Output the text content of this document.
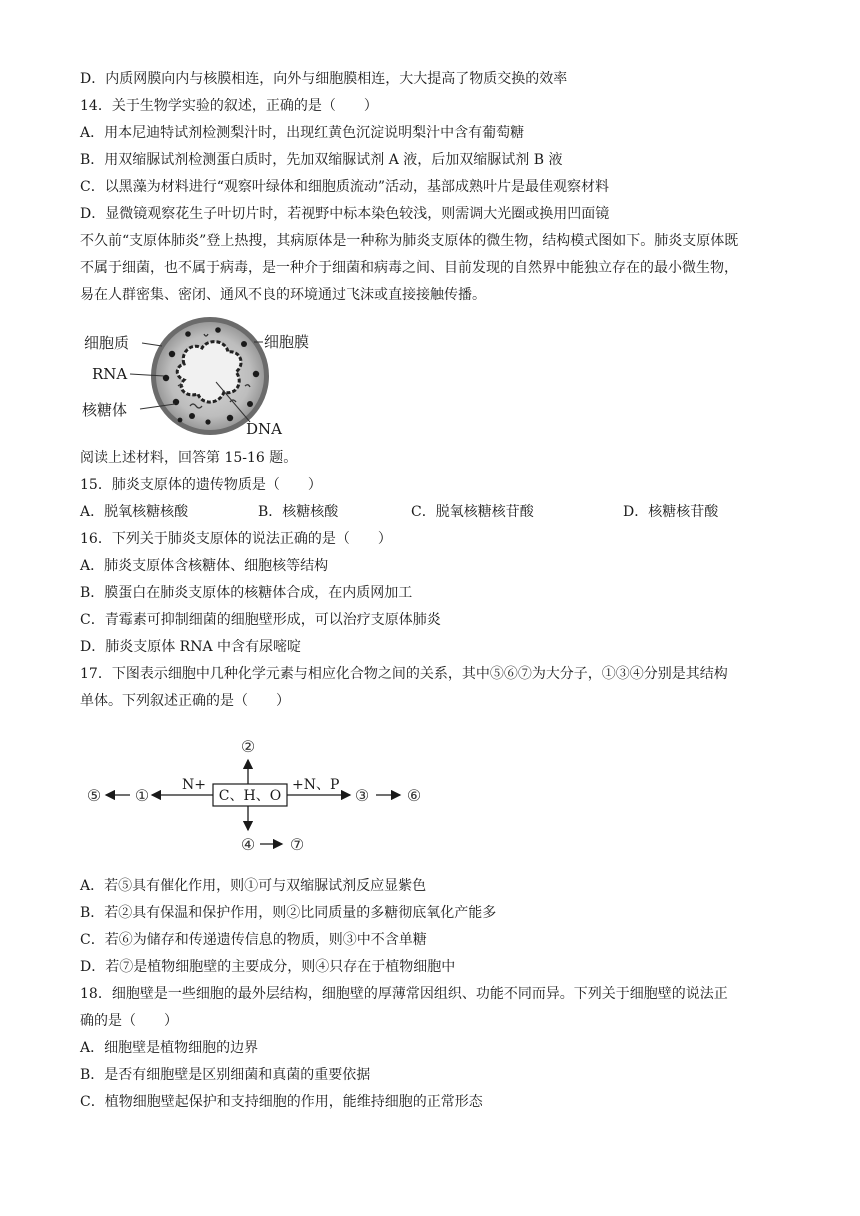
D．内质网膜向内与核膜相连，向外与细胞膜相连，大大提高了物质交换的效率
14．关于生物学实验的叙述，正确的是（　　）
A．用本尼迪特试剂检测梨汁时，出现红黄色沉淀说明梨汁中含有葡萄糖
B．用双缩脲试剂检测蛋白质时，先加双缩脲试剂 A 液，后加双缩脲试剂 B 液
C．以黑藻为材料进行“观察叶绿体和细胞质流动”活动，基部成熟叶片是最佳观察材料
D．显微镜观察花生子叶切片时，若视野中标本染色较浅，则需调大光圈或换用凹面镜
不久前“支原体肺炎”登上热搜，其病原体是一种称为肺炎支原体的微生物，结构模式图如下。肺炎支原体既
不属于细菌，也不属于病毒，是一种介于细菌和病毒之间、目前发现的自然界中能独立存在的最小微生物，
易在人群密集、密闭、通风不良的环境通过飞沫或直接接触传播。
细胞质	细胞膜
RNA
核糖体
DNA
阅读上述材料，回答第 15-16 题。
15．肺炎支原体的遗传物质是（　　）
A．脱氧核糖核酸	B．核糖核酸	C．脱氧核糖核苷酸	D．核糖核苷酸
16．下列关于肺炎支原体的说法正确的是（　　）
A．肺炎支原体含核糖体、细胞核等结构
B．膜蛋白在肺炎支原体的核糖体合成，在内质网加工
C．青霉素可抑制细菌的细胞壁形成，可以治疗支原体肺炎
D．肺炎支原体 RNA 中含有尿嘧啶
17．下图表示细胞中几种化学元素与相应化合物之间的关系，其中⑤⑥⑦为大分子，①③④分别是其结构
单体。下列叙述正确的是（　　）
C、H、O
②
④ ⑦
N+
①
⑤
+N、P
③ ⑥
A．若⑤具有催化作用，则①可与双缩脲试剂反应显紫色
B．若②具有保温和保护作用，则②比同质量的多糖彻底氧化产能多
C．若⑥为储存和传递遗传信息的物质，则③中不含单糖
D．若⑦是植物细胞壁的主要成分，则④只存在于植物细胞中
18．细胞壁是一些细胞的最外层结构，细胞壁的厚薄常因组织、功能不同而异。下列关于细胞壁的说法正
确的是（　　）
A．细胞壁是植物细胞的边界
B．是否有细胞壁是区别细菌和真菌的重要依据
C．植物细胞壁起保护和支持细胞的作用，能维持细胞的正常形态
